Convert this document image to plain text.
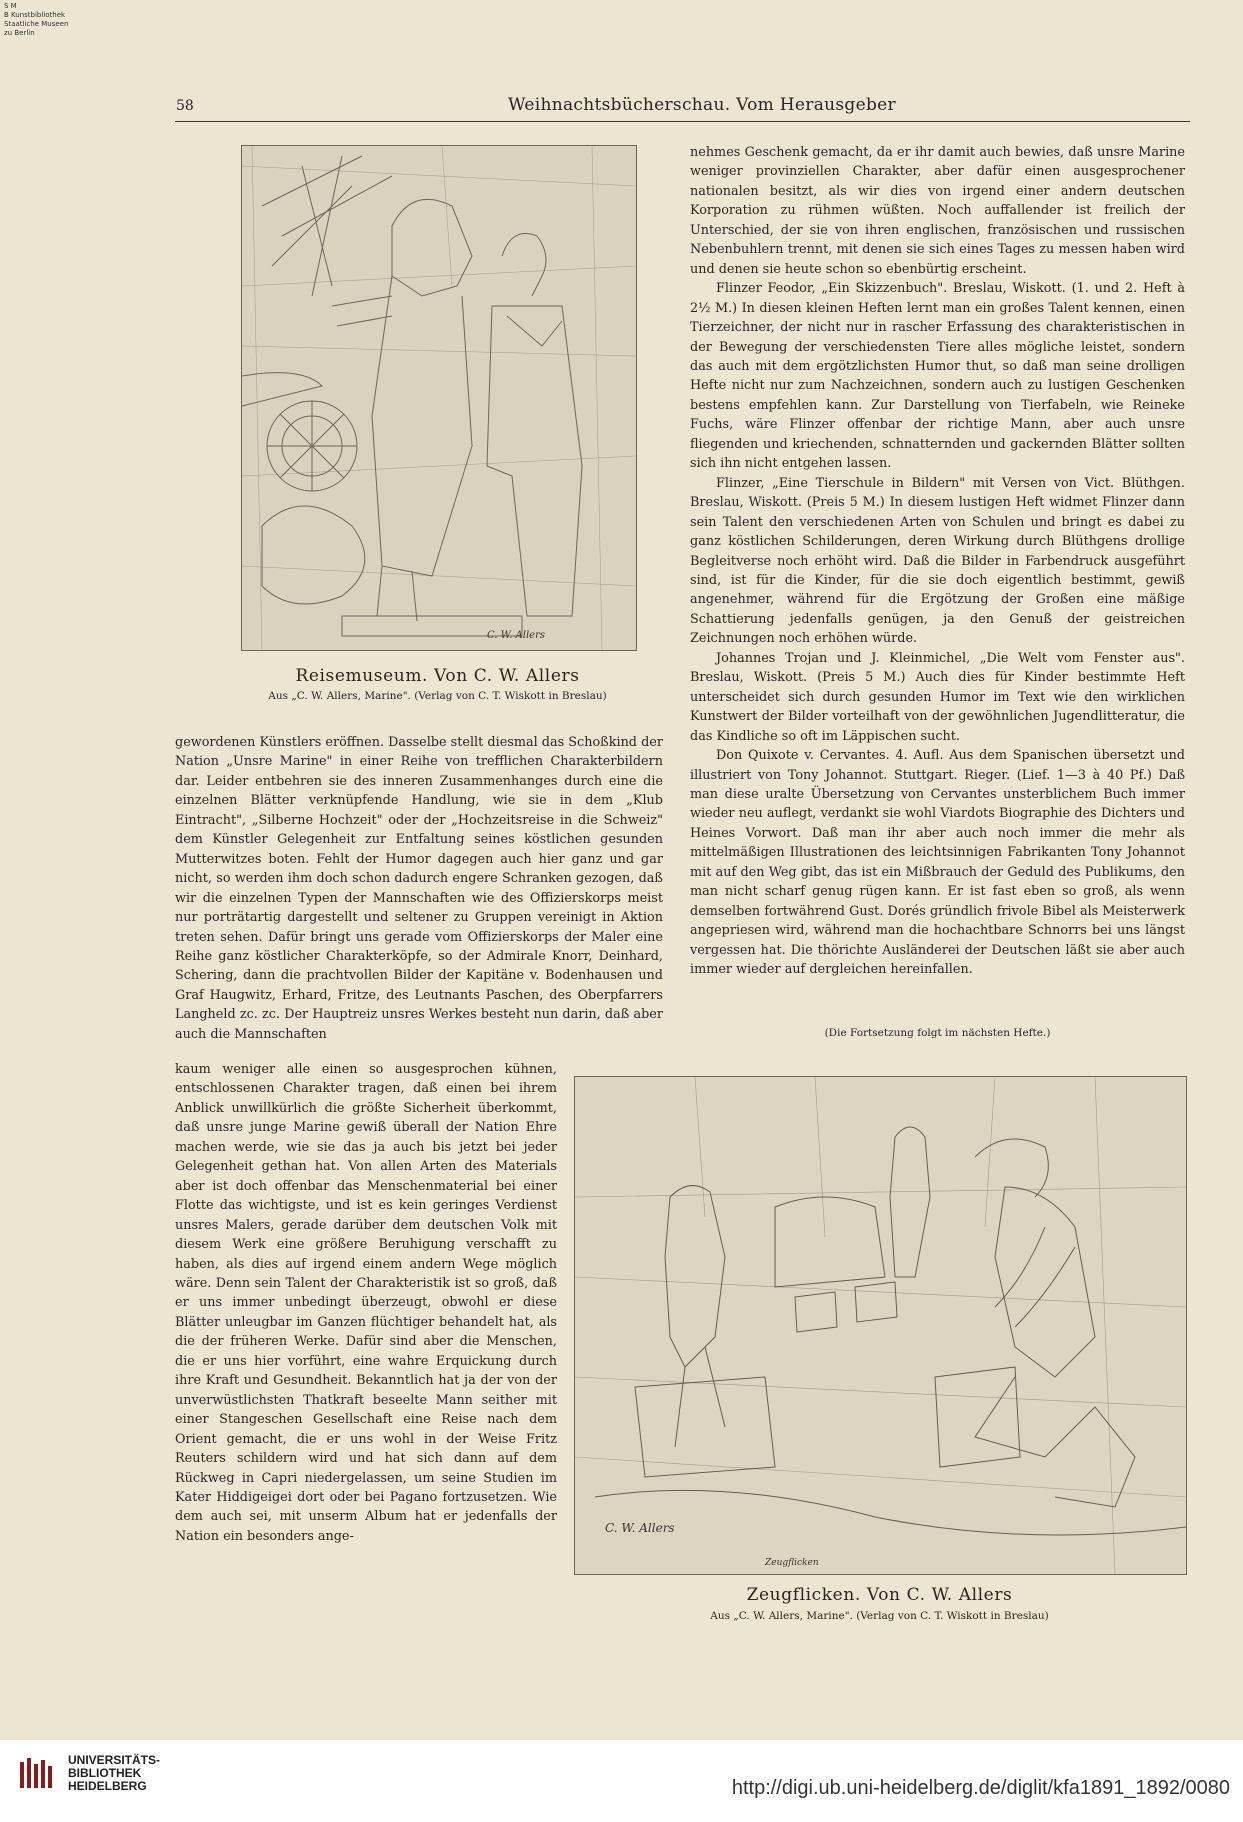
S M
B Kunstbibliothek
Staatliche Museen
zu Berlin
58	Weihnachtsbücherschau. Vom Herausgeber
C. W. Allers
Reisemuseum. Von C. W. Allers
Aus „C. W. Allers, Marine". (Verlag von C. T. Wiskott in Breslau)

nehmes Geschenk gemacht, da er ihr damit auch bewies, daß unsre Marine weniger provinziellen Charakter, aber dafür einen ausgesprochener nationalen besitzt, als wir dies von irgend einer andern deutschen Korporation zu rühmen wüßten. Noch auffallender ist freilich der Unterschied, der sie von ihren englischen, französischen und russischen Nebenbuhlern trennt, mit denen sie sich eines Tages zu messen haben wird und denen sie heute schon so ebenbürtig erscheint.

Flinzer Feodor, „Ein Skizzenbuch". Breslau, Wiskott. (1. und 2. Heft à 2½ M.) In diesen kleinen Heften lernt man ein großes Talent kennen, einen Tierzeichner, der nicht nur in rascher Erfassung des charakteristischen in der Bewegung der verschiedensten Tiere alles mögliche leistet, sondern das auch mit dem ergötzlichsten Humor thut, so daß man seine drolligen Hefte nicht nur zum Nachzeichnen, sondern auch zu lustigen Geschenken bestens empfehlen kann. Zur Darstellung von Tierfabeln, wie Reineke Fuchs, wäre Flinzer offenbar der richtige Mann, aber auch unsre fliegenden und kriechenden, schnatternden und gackernden Blätter sollten sich ihn nicht entgehen lassen.

Flinzer, „Eine Tierschule in Bildern" mit Versen von Vict. Blüthgen. Breslau, Wiskott. (Preis 5 M.) In diesem lustigen Heft widmet Flinzer dann sein Talent den verschiedenen Arten von Schulen und bringt es dabei zu ganz köstlichen Schilderungen, deren Wirkung durch Blüthgens drollige Begleitverse noch erhöht wird. Daß die Bilder in Farbendruck ausgeführt sind, ist für die Kinder, für die sie doch eigentlich bestimmt, gewiß angenehmer, während für die Ergötzung der Großen eine mäßige Schattierung jedenfalls genügen, ja den Genuß der geistreichen Zeichnungen noch erhöhen würde.

Johannes Trojan und J. Kleinmichel, „Die Welt vom Fenster aus". Breslau, Wiskott. (Preis 5 M.) Auch dies für Kinder bestimmte Heft unterscheidet sich durch gesunden Humor im Text wie den wirklichen Kunstwert der Bilder vorteilhaft von der gewöhnlichen Jugendlitteratur, die das Kindliche so oft im Läppischen sucht.

Don Quixote v. Cervantes. 4. Aufl. Aus dem Spanischen übersetzt und illustriert von Tony Johannot. Stuttgart. Rieger. (Lief. 1—3 à 40 Pf.) Daß man diese uralte Übersetzung von Cervantes unsterblichem Buch immer wieder neu auflegt, verdankt sie wohl Viardots Biographie des Dichters und Heines Vorwort. Daß man ihr aber auch noch immer die mehr als mittelmäßigen Illustrationen des leichtsinnigen Fabrikanten Tony Johannot mit auf den Weg gibt, das ist ein Mißbrauch der Geduld des Publikums, den man nicht scharf genug rügen kann. Er ist fast eben so groß, als wenn demselben fortwährend Gust. Dorés gründlich frivole Bibel als Meisterwerk angepriesen wird, während man die hochachtbare Schnorrs bei uns längst vergessen hat. Die thörichte Ausländerei der Deutschen läßt sie aber auch immer wieder auf dergleichen hereinfallen.

(Die Fortsetzung folgt im nächsten Hefte.)

gewordenen Künstlers eröffnen. Dasselbe stellt diesmal das Schoßkind der Nation „Unsre Marine" in einer Reihe von trefflichen Charakterbildern dar. Leider entbehren sie des inneren Zusammenhanges durch eine die einzelnen Blätter verknüpfende Handlung, wie sie in dem „Klub Eintracht", „Silberne Hochzeit" oder der „Hochzeitsreise in die Schweiz" dem Künstler Gelegenheit zur Entfaltung seines köstlichen gesunden Mutterwitzes boten. Fehlt der Humor dagegen auch hier ganz und gar nicht, so werden ihm doch schon dadurch engere Schranken gezogen, daß wir die einzelnen Typen der Mannschaften wie des Offizierskorps meist nur porträtartig dargestellt und seltener zu Gruppen vereinigt in Aktion treten sehen. Dafür bringt uns gerade vom Offizierskorps der Maler eine Reihe ganz köstlicher Charakterköpfe, so der Admirale Knorr, Deinhard, Schering, dann die prachtvollen Bilder der Kapitäne v. Bodenhausen und Graf Haugwitz, Erhard, Fritze, des Leutnants Paschen, des Oberpfarrers Langheld zc. zc. Der Hauptreiz unsres Werkes besteht nun darin, daß aber auch die Mannschaften

kaum weniger alle einen so ausgesprochen kühnen, entschlossenen Charakter tragen, daß einen bei ihrem Anblick unwillkürlich die größte Sicherheit überkommt, daß unsre junge Marine gewiß überall der Nation Ehre machen werde, wie sie das ja auch bis jetzt bei jeder Gelegenheit gethan hat. Von allen Arten des Materials aber ist doch offenbar das Menschenmaterial bei einer Flotte das wichtigste, und ist es kein geringes Verdienst unsres Malers, gerade darüber dem deutschen Volk mit diesem Werk eine größere Beruhigung verschafft zu haben, als dies auf irgend einem andern Wege möglich wäre. Denn sein Talent der Charakteristik ist so groß, daß er uns immer unbedingt überzeugt, obwohl er diese Blätter unleugbar im Ganzen flüchtiger behandelt hat, als die der früheren Werke. Dafür sind aber die Menschen, die er uns hier vorführt, eine wahre Erquickung durch ihre Kraft und Gesundheit. Bekanntlich hat ja der von der unverwüstlichsten Thatkraft beseelte Mann seither mit einer Stangeschen Gesellschaft eine Reise nach dem Orient gemacht, die er uns wohl in der Weise Fritz Reuters schildern wird und hat sich dann auf dem Rückweg in Capri niedergelassen, um seine Studien im Kater Hiddigeigei dort oder bei Pagano fortzusetzen. Wie dem auch sei, mit unserm Album hat er jedenfalls der Nation ein besonders ange-

C. W. Allers
Zeugflicken
Zeugflicken. Von C. W. Allers
Aus „C. W. Allers, Marine". (Verlag von C. T. Wiskott in Breslau)
UNIVERSITÄTS-
BIBLIOTHEK
HEIDELBERG	http://digi.ub.uni-heidelberg.de/diglit/kfa1891_1892/0080
